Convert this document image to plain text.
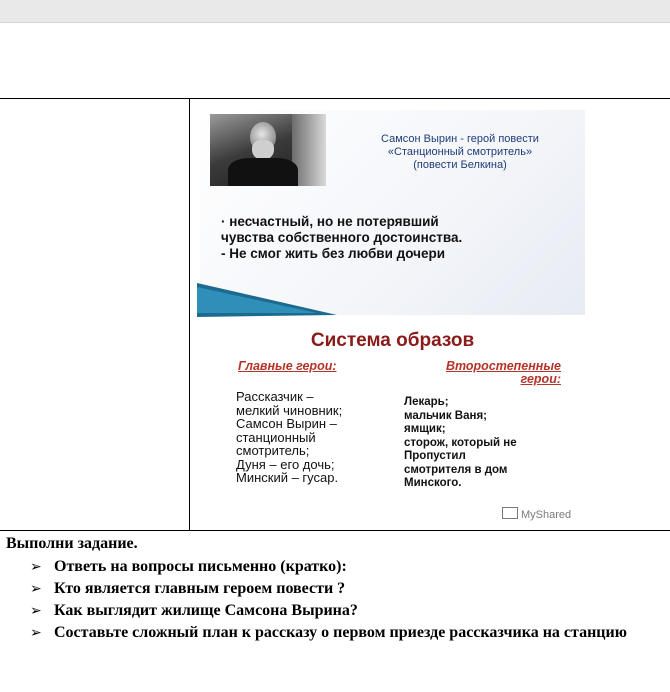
Самсон Вырин - герой повести
«Станционный смотритель»
(повести Белкина)
· несчастный, но не потерявший
чувства собственного достоинства.
- Не смог жить без любви дочери
Система образов
Главные герои:	Второстепенные
герои:
Рассказчик –
мелкий чиновник;
Самсон Вырин –
станционный
смотритель;
Дуня – его дочь;
Минский – гусар.
Лекарь;
мальчик Ваня;
ямщик;
сторож, который не
Пропустил
смотрителя в дом
Минского.
MyShared
Выполни задание.
➢ Ответь на вопросы письменно (кратко):
➢ Кто является главным героем повести ?
➢ Как выглядит жилище Самсона Вырина?
➢ Составьте сложный план к рассказу о первом приезде рассказчика на станцию
